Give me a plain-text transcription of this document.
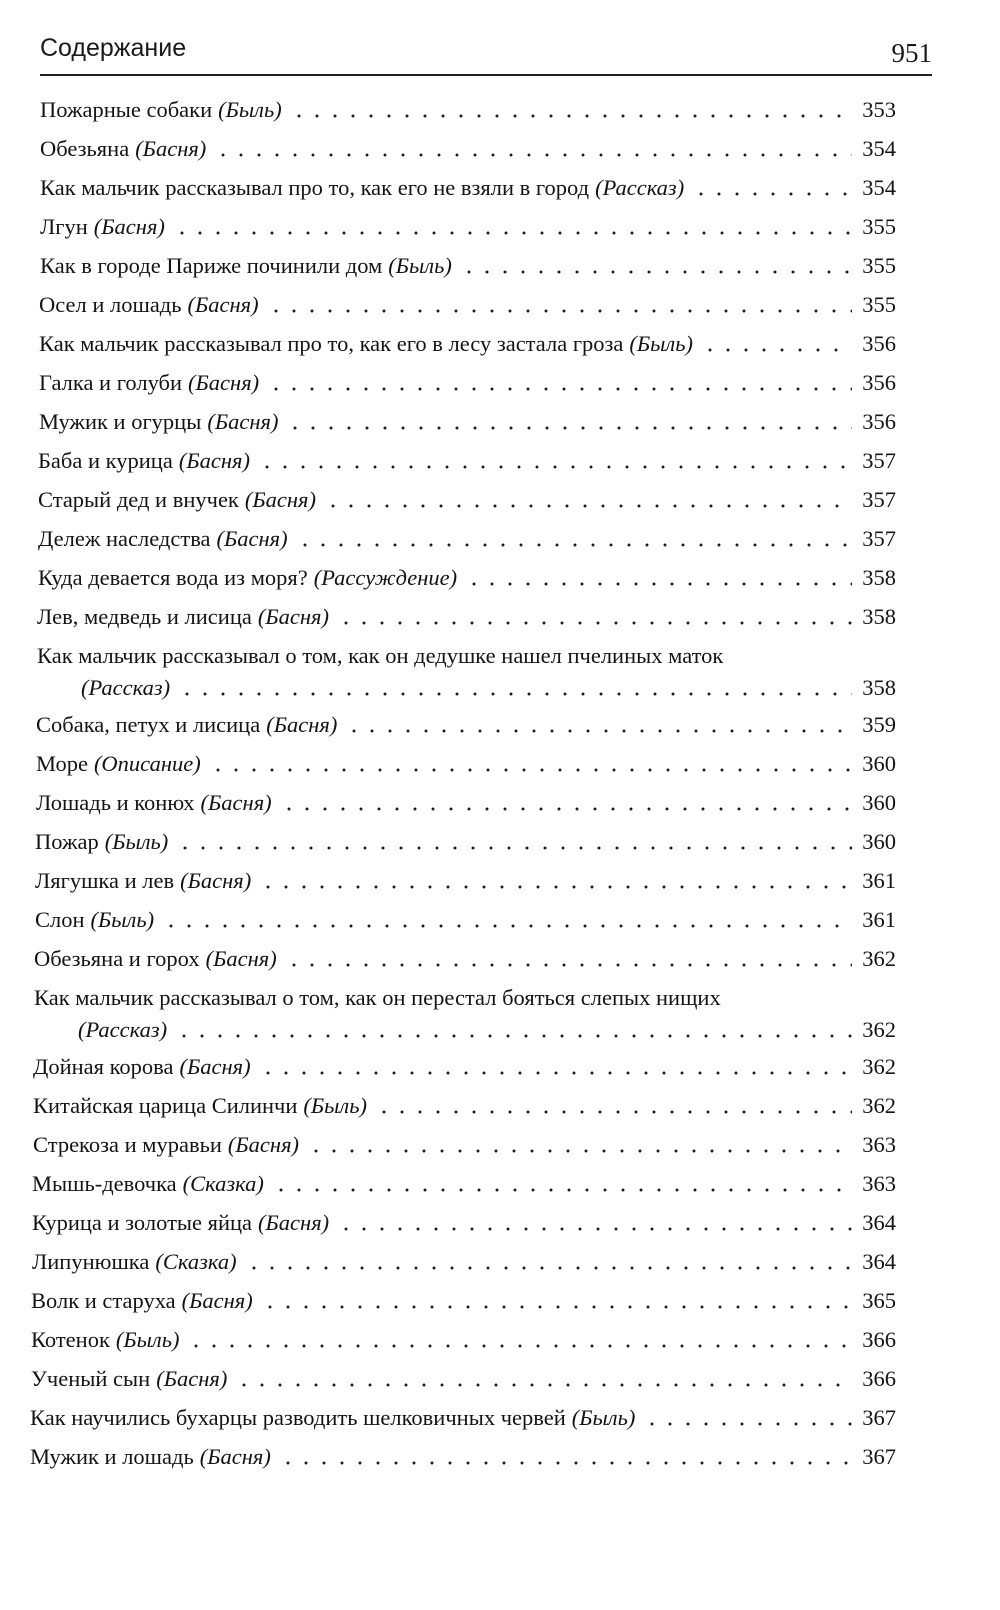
Содержание	951
Пожарные собаки (Быль)	353
Обезьяна (Басня)	354
Как мальчик рассказывал про то, как его не взяли в город (Рассказ)	354
Лгун (Басня)	355
Как в городе Париже починили дом (Быль)	355
Осел и лошадь (Басня)	355
Как мальчик рассказывал про то, как его в лесу застала гроза (Быль)	356
Галка и голуби (Басня)	356
Мужик и огурцы (Басня)	356
Баба и курица (Басня)	357
Старый дед и внучек (Басня)	357
Дележ наследства (Басня)	357
Куда девается вода из моря? (Рассуждение)	358
Лев, медведь и лисица (Басня)	358
Как мальчик рассказывал о том, как он дедушке нашел пчелиных маток
(Рассказ)	358
Собака, петух и лисица (Басня)	359
Море (Описание)	360
Лошадь и конюх (Басня)	360
Пожар (Быль)	360
Лягушка и лев (Басня)	361
Слон (Быль)	361
Обезьяна и горох (Басня)	362
Как мальчик рассказывал о том, как он перестал бояться слепых нищих
(Рассказ)	362
Дойная корова (Басня)	362
Китайская царица Силинчи (Быль)	362
Стрекоза и муравьи (Басня)	363
Мышь-девочка (Сказка)	363
Курица и золотые яйца (Басня)	364
Липунюшка (Сказка)	364
Волк и старуха (Басня)	365
Котенок (Быль)	366
Ученый сын (Басня)	366
Как научились бухарцы разводить шелковичных червей (Быль)	367
Мужик и лошадь (Басня)	367
